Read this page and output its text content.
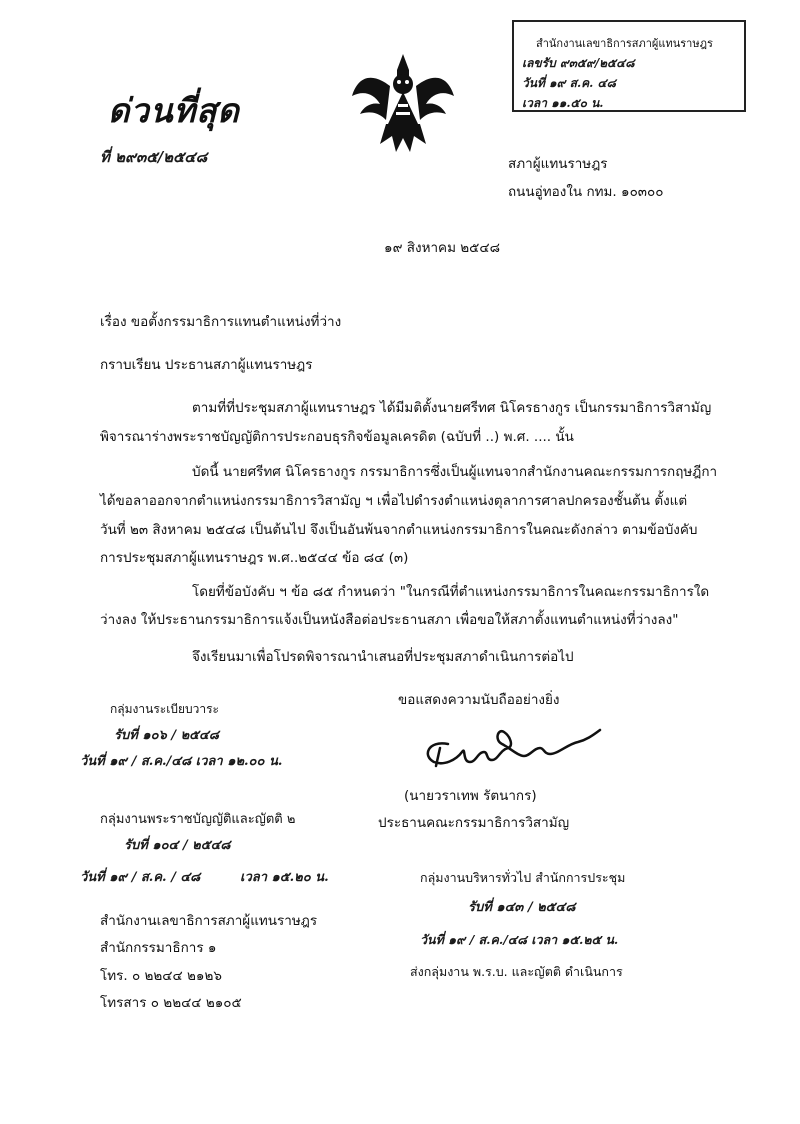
สำนักงานเลขาธิการสภาผู้แทนราษฎร
เลขรับ ๙๓๕๙/๒๕๔๘
วันที่ ๑๙ ส.ค. ๔๘
เวลา ๑๑.๕๐ น.
ด่วนที่สุด
ที่ ๒๙๓๕/๒๕๔๘	สภาผู้แทนราษฎร
ถนนอู่ทองใน กทม. ๑๐๓๐๐
๑๙ สิงหาคม ๒๕๔๘
เรื่อง ขอตั้งกรรมาธิการแทนตำแหน่งที่ว่าง
กราบเรียน ประธานสภาผู้แทนราษฎร
ตามที่ที่ประชุมสภาผู้แทนราษฎร ได้มีมติตั้งนายศรีทศ นิโครธางกูร เป็นกรรมาธิการวิสามัญ
พิจารณาร่างพระราชบัญญัติการประกอบธุรกิจข้อมูลเครดิต (ฉบับที่ ..) พ.ศ. .... นั้น
บัดนี้ นายศรีทศ นิโครธางกูร กรรมาธิการซึ่งเป็นผู้แทนจากสำนักงานคณะกรรมการกฤษฎีกา
ได้ขอลาออกจากตำแหน่งกรรมาธิการวิสามัญ ฯ เพื่อไปดำรงตำแหน่งตุลาการศาลปกครองชั้นต้น ตั้งแต่
วันที่ ๒๓ สิงหาคม ๒๕๔๘ เป็นต้นไป จึงเป็นอันพ้นจากตำแหน่งกรรมาธิการในคณะดังกล่าว ตามข้อบังคับ
การประชุมสภาผู้แทนราษฎร พ.ศ..๒๕๔๔ ข้อ ๘๔ (๓)
โดยที่ข้อบังคับ ฯ ข้อ ๘๕ กำหนดว่า "ในกรณีที่ตำแหน่งกรรมาธิการในคณะกรรมาธิการใด
ว่างลง ให้ประธานกรรมาธิการแจ้งเป็นหนังสือต่อประธานสภา เพื่อขอให้สภาตั้งแทนตำแหน่งที่ว่างลง"
จึงเรียนมาเพื่อโปรดพิจารณานำเสนอที่ประชุมสภาดำเนินการต่อไป
ขอแสดงความนับถืออย่างยิ่ง
(นายวราเทพ รัตนากร)
ประธานคณะกรรมาธิการวิสามัญ
กลุ่มงานระเบียบวาระ
รับที่ ๑๐๖ / ๒๕๔๘
วันที่ ๑๙ / ส.ค./๔๘ เวลา ๑๒.๐๐ น.
กลุ่มงานพระราชบัญญัติและญัตติ ๒
รับที่ ๑๐๔ / ๒๕๔๘
วันที่ ๑๙ / ส.ค. / ๔๘	เวลา ๑๕.๒๐ น.	กลุ่มงานบริหารทั่วไป สำนักการประชุม
รับที่ ๑๔๓ / ๒๕๔๘
วันที่ ๑๙ / ส.ค./๔๘ เวลา ๑๕.๒๕ น.
ส่งกลุ่มงาน พ.ร.บ. และญัตติ ดำเนินการ
สำนักงานเลขาธิการสภาผู้แทนราษฎร
สำนักกรรมาธิการ ๑
โทร. ๐ ๒๒๔๔ ๒๑๒๖
โทรสาร ๐ ๒๒๔๔ ๒๑๐๕
